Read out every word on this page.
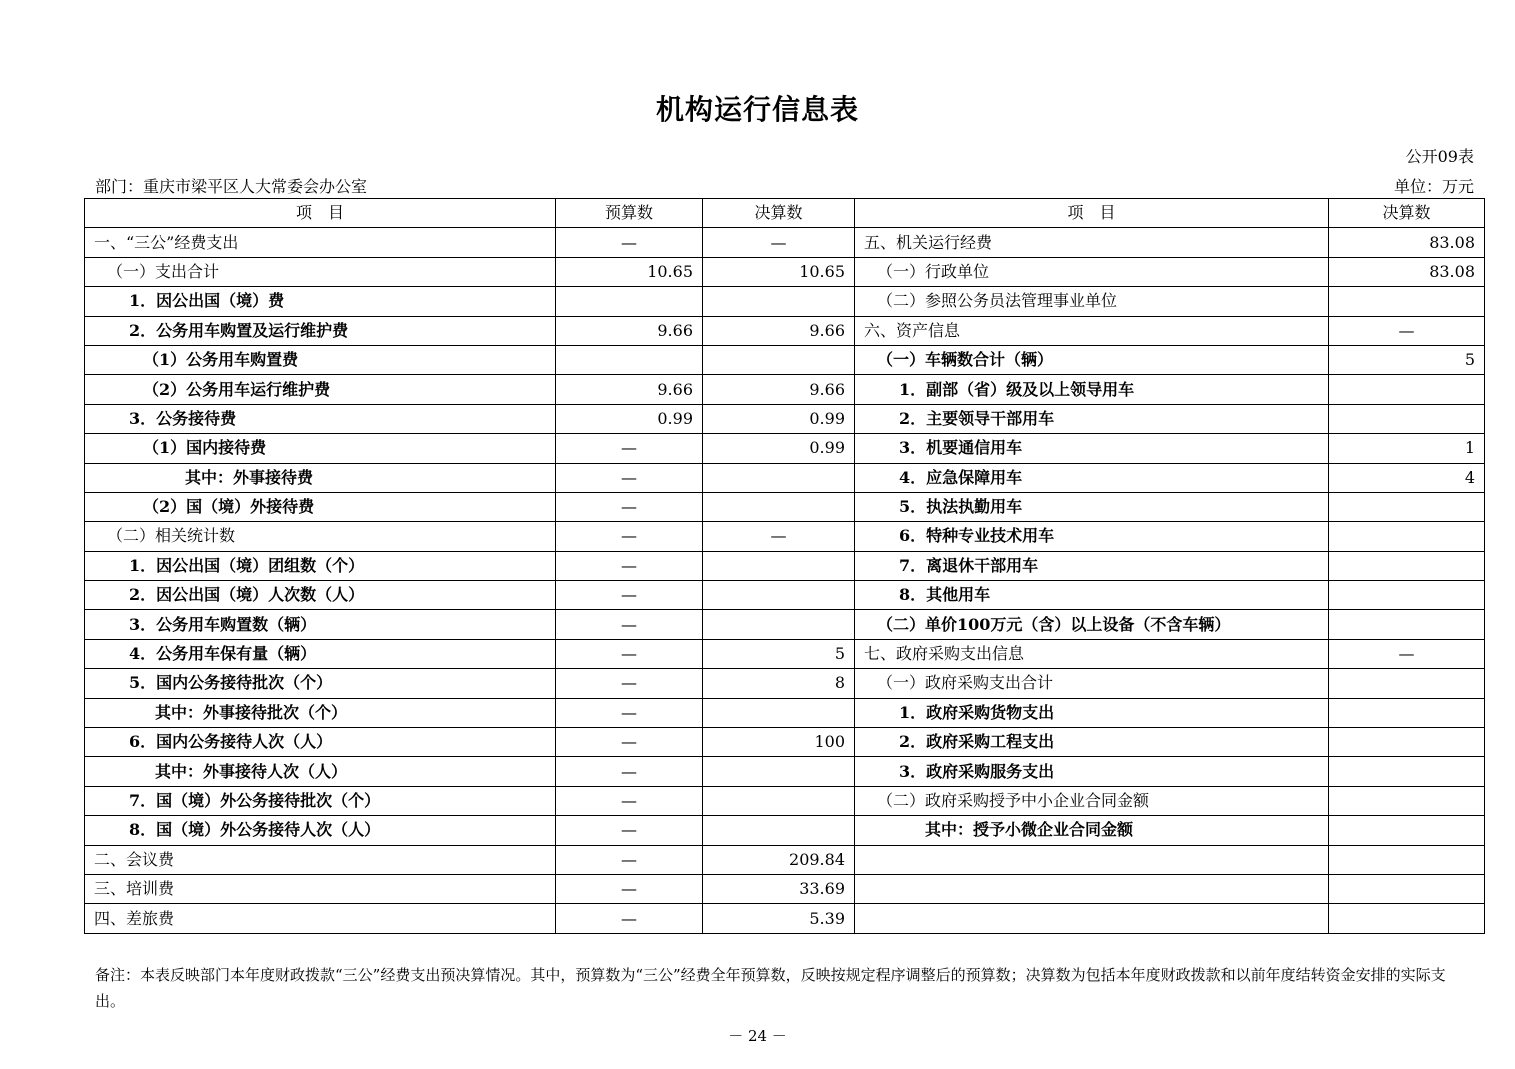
机构运行信息表
公开09表
部门：重庆市梁平区人大常委会办公室	单位：万元
项　目	预算数	决算数	项　目	决算数
一、“三公”经费支出	—	—	五、机关运行经费	83.08
（一）支出合计	10.65	10.65	（一）行政单位	83.08
1．因公出国（境）费			（二）参照公务员法管理事业单位	
2．公务用车购置及运行维护费	9.66	9.66	六、资产信息	—
（1）公务用车购置费			（一）车辆数合计（辆）	5
（2）公务用车运行维护费	9.66	9.66	1．副部（省）级及以上领导用车	
3．公务接待费	0.99	0.99	2．主要领导干部用车	
（1）国内接待费	—	0.99	3．机要通信用车	1
其中：外事接待费	—		4．应急保障用车	4
（2）国（境）外接待费	—		5．执法执勤用车	
（二）相关统计数	—	—	6．特种专业技术用车	
1．因公出国（境）团组数（个）	—		7．离退休干部用车	
2．因公出国（境）人次数（人）	—		8．其他用车	
3．公务用车购置数（辆）	—		（二）单价100万元（含）以上设备（不含车辆）	
4．公务用车保有量（辆）	—	5	七、政府采购支出信息	—
5．国内公务接待批次（个）	—	8	（一）政府采购支出合计	
其中：外事接待批次（个）	—		1．政府采购货物支出	
6．国内公务接待人次（人）	—	100	2．政府采购工程支出	
其中：外事接待人次（人）	—		3．政府采购服务支出	
7．国（境）外公务接待批次（个）	—		（二）政府采购授予中小企业合同金额	
8．国（境）外公务接待人次（人）	—		其中：授予小微企业合同金额	
二、会议费	—	209.84		
三、培训费	—	33.69		
四、差旅费	—	5.39		
备注：本表反映部门本年度财政拨款“三公”经费支出预决算情况。其中，预算数为“三公”经费全年预算数，反映按规定程序调整后的预算数；决算数为包括本年度财政拨款和以前年度结转资金安排的实际支出。
－ 24 －
